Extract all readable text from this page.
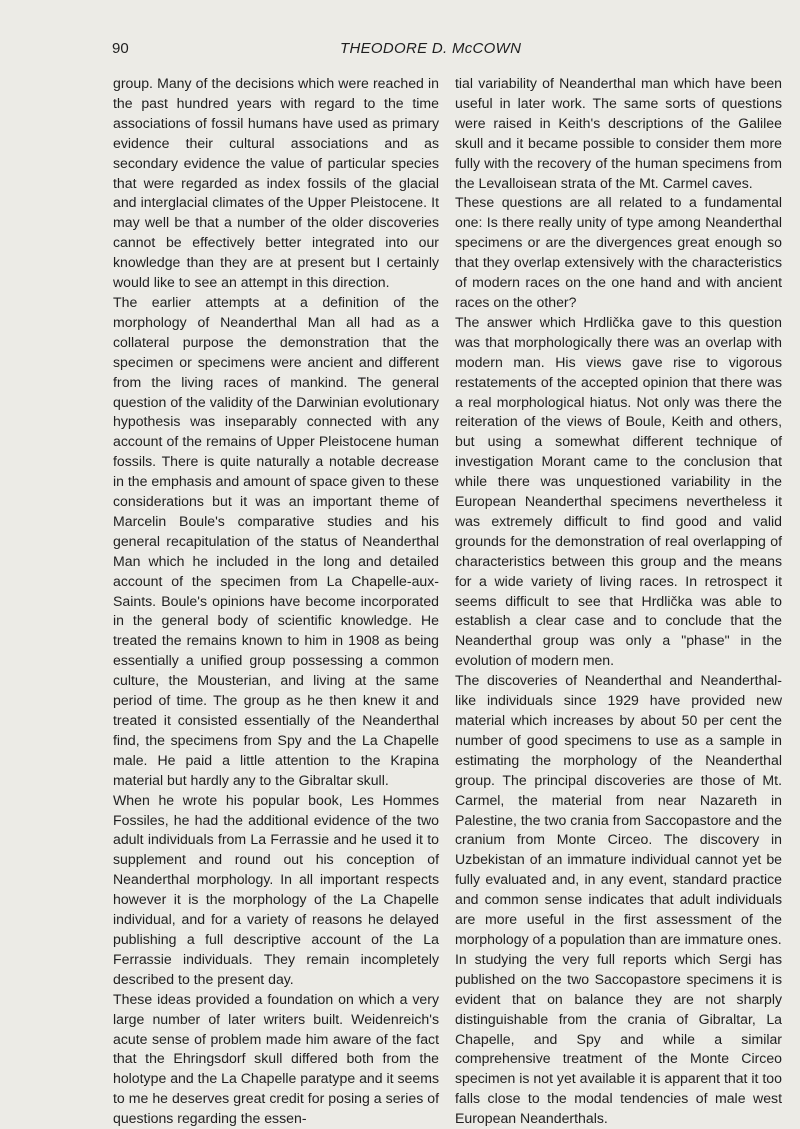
90	THEODORE D. McCOWN

group. Many of the decisions which were reached in the past hundred years with regard to the time associations of fossil humans have used as primary evidence their cultural associations and as secondary evidence the value of particular species that were regarded as index fossils of the glacial and interglacial climates of the Upper Pleistocene. It may well be that a number of the older discoveries cannot be effectively better integrated into our knowledge than they are at present but I certainly would like to see an attempt in this direction.

The earlier attempts at a definition of the morphology of Neanderthal Man all had as a collateral purpose the demonstration that the specimen or specimens were ancient and different from the living races of mankind. The general question of the validity of the Darwinian evolutionary hypothesis was inseparably connected with any account of the remains of Upper Pleistocene human fossils. There is quite naturally a notable decrease in the emphasis and amount of space given to these considerations but it was an important theme of Marcelin Boule's comparative studies and his general recapitulation of the status of Neanderthal Man which he included in the long and detailed account of the specimen from La Chapelle-aux-Saints. Boule's opinions have become incorporated in the general body of scientific knowledge. He treated the remains known to him in 1908 as being essentially a unified group possessing a common culture, the Mousterian, and living at the same period of time. The group as he then knew it and treated it consisted essentially of the Neanderthal find, the specimens from Spy and the La Chapelle male. He paid a little attention to the Krapina material but hardly any to the Gibraltar skull.

When he wrote his popular book, Les Hommes Fossiles, he had the additional evidence of the two adult individuals from La Ferrassie and he used it to supplement and round out his conception of Neanderthal morphology. In all important respects however it is the morphology of the La Chapelle individual, and for a variety of reasons he delayed publishing a full descriptive account of the La Ferrassie individuals. They remain incompletely described to the present day.

These ideas provided a foundation on which a very large number of later writers built. Weidenreich's acute sense of problem made him aware of the fact that the Ehringsdorf skull differed both from the holotype and the La Chapelle paratype and it seems to me he deserves great credit for posing a series of questions regarding the essen-

tial variability of Neanderthal man which have been useful in later work. The same sorts of questions were raised in Keith's descriptions of the Galilee skull and it became possible to consider them more fully with the recovery of the human specimens from the Levalloisean strata of the Mt. Carmel caves.

These questions are all related to a fundamental one: Is there really unity of type among Neanderthal specimens or are the divergences great enough so that they overlap extensively with the characteristics of modern races on the one hand and with ancient races on the other?

The answer which Hrdlička gave to this question was that morphologically there was an overlap with modern man. His views gave rise to vigorous restatements of the accepted opinion that there was a real morphological hiatus. Not only was there the reiteration of the views of Boule, Keith and others, but using a somewhat different technique of investigation Morant came to the conclusion that while there was unquestioned variability in the European Neanderthal specimens nevertheless it was extremely difficult to find good and valid grounds for the demonstration of real overlapping of characteristics between this group and the means for a wide variety of living races. In retrospect it seems difficult to see that Hrdlička was able to establish a clear case and to conclude that the Neanderthal group was only a "phase" in the evolution of modern men.

The discoveries of Neanderthal and Neanderthal-like individuals since 1929 have provided new material which increases by about 50 per cent the number of good specimens to use as a sample in estimating the morphology of the Neanderthal group. The principal discoveries are those of Mt. Carmel, the material from near Nazareth in Palestine, the two crania from Saccopastore and the cranium from Monte Circeo. The discovery in Uzbekistan of an immature individual cannot yet be fully evaluated and, in any event, standard practice and common sense indicates that adult individuals are more useful in the first assessment of the morphology of a population than are immature ones.

In studying the very full reports which Sergi has published on the two Saccopastore specimens it is evident that on balance they are not sharply distinguishable from the crania of Gibraltar, La Chapelle, and Spy and while a similar comprehensive treatment of the Monte Circeo specimen is not yet available it is apparent that it too falls close to the modal tendencies of male west European Neanderthals.
